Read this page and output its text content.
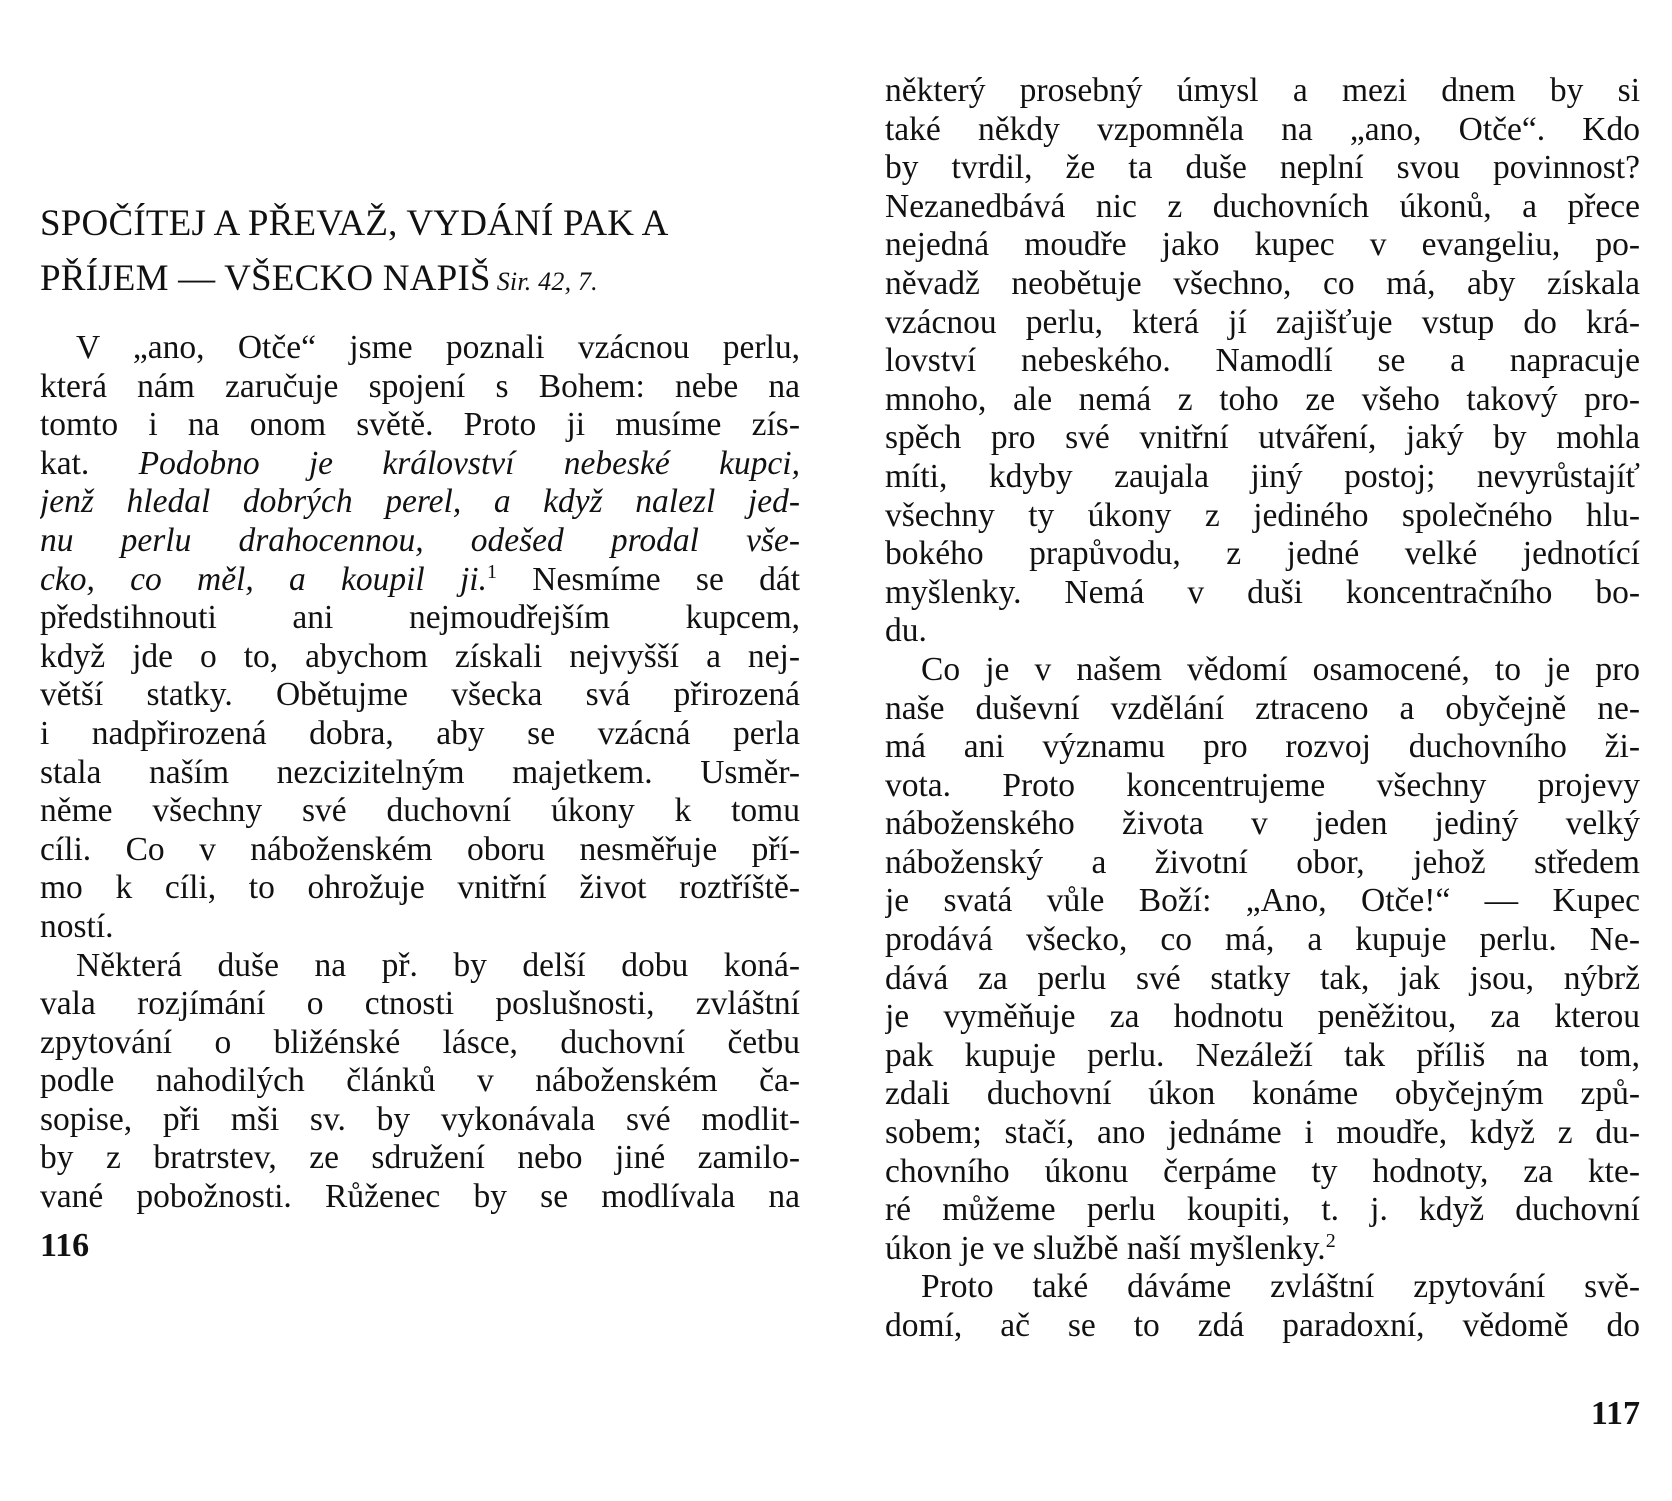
SPOČÍTEJ A PŘEVAŽ, VYDÁNÍ PAK A
PŘÍJEM — VŠECKO NAPIŠ Sir. 42, 7.
V „ano, Otče“ jsme poznali vzácnou perlu,
která nám zaručuje spojení s Bohem: nebe na
tomto i na onom světě. Proto ji musíme zís-
kat. Podobno je království nebeské kupci,
jenž hledal dobrých perel, a když nalezl jed-
nu perlu drahocennou, odešed prodal vše-
cko, co měl, a koupil ji.$^1$ Nesmíme se dát
předstihnouti ani nejmoudřejším kupcem,
když jde o to, abychom získali nejvyšší a nej-
větší statky. Obětujme všecka svá přirozená
i nadpřirozená dobra, aby se vzácná perla
stala naším nezcizitelným majetkem. Usměr-
něme všechny své duchovní úkony k tomu
cíli. Co v náboženském oboru nesměřuje pří-
mo k cíli, to ohrožuje vnitřní život roztříště-
ností.
Některá duše na př. by delší dobu koná-
vala rozjímání o ctnosti poslušnosti, zvláštní
zpytování o bližénské lásce, duchovní četbu
podle nahodilých článků v náboženském ča-
sopise, při mši sv. by vykonávala své modlit-
by z bratrstev, ze sdružení nebo jiné zamilo-
vané pobožnosti. Růženec by se modlívala na

116

některý prosebný úmysl a mezi dnem by si
také někdy vzpomněla na „ano, Otče“. Kdo
by tvrdil, že ta duše neplní svou povinnost?
Nezanedbává nic z duchovních úkonů, a přece
nejedná moudře jako kupec v evangeliu, po-
něvadž neobětuje všechno, co má, aby získala
vzácnou perlu, která jí zajišťuje vstup do krá-
lovství nebeského. Namodlí se a napracuje
mnoho, ale nemá z toho ze všeho takový pro-
spěch pro své vnitřní utváření, jaký by mohla
míti, kdyby zaujala jiný postoj; nevyrůstajíť
všechny ty úkony z jediného společného hlu-
bokého prapůvodu, z jedné velké jednotící
myšlenky. Nemá v duši koncentračního bo-
du.
Co je v našem vědomí osamocené, to je pro
naše duševní vzdělání ztraceno a obyčejně ne-
má ani významu pro rozvoj duchovního ži-
vota. Proto koncentrujeme všechny projevy
náboženského života v jeden jediný velký
náboženský a životní obor, jehož středem
je svatá vůle Boží: „Ano, Otče!“ — Kupec
prodává všecko, co má, a kupuje perlu. Ne-
dává za perlu své statky tak, jak jsou, nýbrž
je vyměňuje za hodnotu peněžitou, za kterou
pak kupuje perlu. Nezáleží tak příliš na tom,
zdali duchovní úkon konáme obyčejným způ-
sobem; stačí, ano jednáme i moudře, když z du-
chovního úkonu čerpáme ty hodnoty, za kte-
ré můžeme perlu koupiti, t. j. když duchovní
úkon je ve službě naší myšlenky.$^2$
Proto také dáváme zvláštní zpytování svě-
domí, ač se to zdá paradoxní, vědomě do

117
